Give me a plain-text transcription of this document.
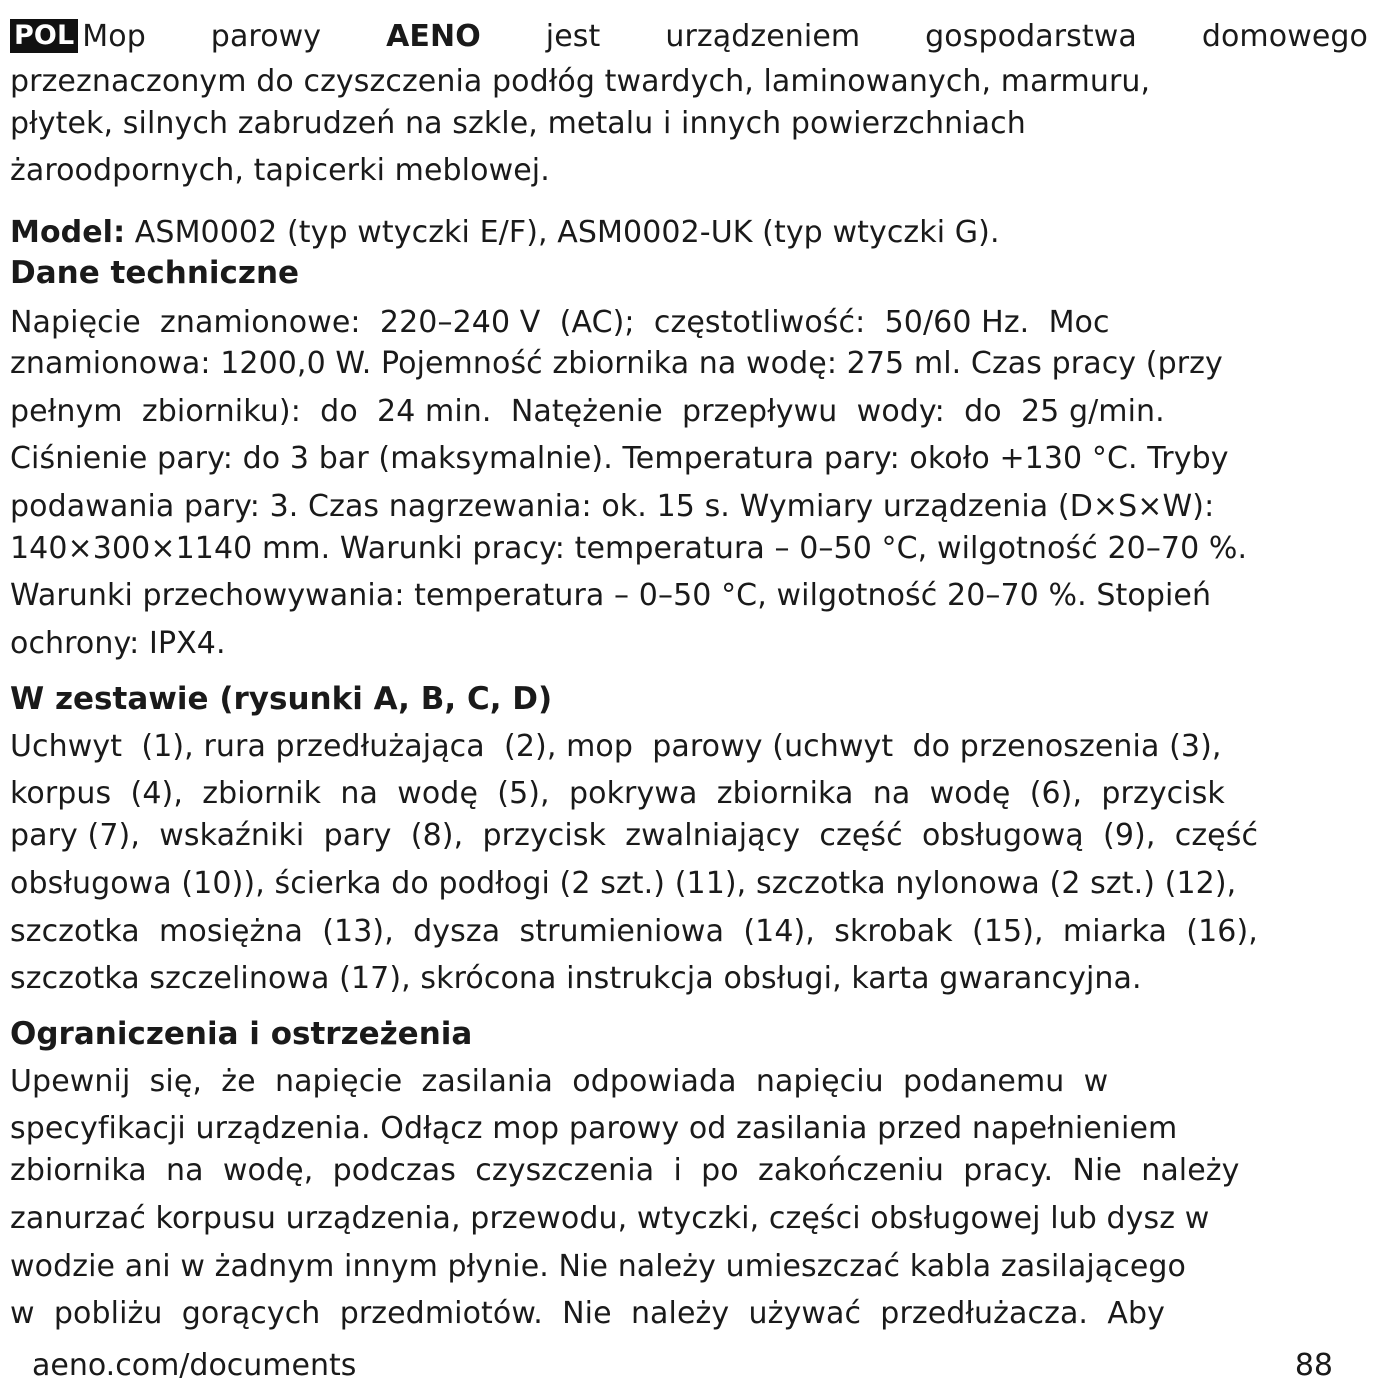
POL Mop parowy AENO jest urządzeniem gospodarstwa domowego
przeznaczonym do czyszczenia podłóg twardych, laminowanych, marmuru,
płytek, silnych zabrudzeń na szkle, metalu i innych powierzchniach
żaroodpornych, tapicerki meblowej.
Model: ASM0002 (typ wtyczki E/F), ASM0002-UK (typ wtyczki G).
Dane techniczne
Napięcie  znamionowe:  220–240 V  (AC);  częstotliwość:  50/60 Hz.  Moc
znamionowa: 1200,0 W. Pojemność zbiornika na wodę: 275 ml. Czas pracy (przy
pełnym  zbiorniku):  do  24 min.  Natężenie  przepływu  wody:  do  25 g/min.
Ciśnienie pary: do 3 bar (maksymalnie). Temperatura pary: około +130 °C. Tryby
podawania pary: 3. Czas nagrzewania: ok. 15 s. Wymiary urządzenia (D×S×W):
140×300×1140 mm. Warunki pracy: temperatura – 0–50 °C, wilgotność 20–70 %.
Warunki przechowywania: temperatura – 0–50 °C, wilgotność 20–70 %. Stopień
ochrony: IPX4.
W zestawie (rysunki A, B, C, D)
Uchwyt  (1), rura przedłużająca  (2), mop  parowy (uchwyt  do przenoszenia (3),
korpus  (4),  zbiornik  na  wodę  (5),  pokrywa  zbiornika  na  wodę  (6),  przycisk
pary (7),  wskaźniki  pary  (8),  przycisk  zwalniający  część  obsługową  (9),  część
obsługowa (10)), ścierka do podłogi (2 szt.) (11), szczotka nylonowa (2 szt.) (12),
szczotka  mosiężna  (13),  dysza  strumieniowa  (14),  skrobak  (15),  miarka  (16),
szczotka szczelinowa (17), skrócona instrukcja obsługi, karta gwarancyjna.
Ograniczenia i ostrzeżenia
Upewnij  się,  że  napięcie  zasilania  odpowiada  napięciu  podanemu  w
specyfikacji urządzenia. Odłącz mop parowy od zasilania przed napełnieniem
zbiornika  na  wodę,  podczas  czyszczenia  i  po  zakończeniu  pracy.  Nie  należy
zanurzać korpusu urządzenia, przewodu, wtyczki, części obsługowej lub dysz w
wodzie ani w żadnym innym płynie. Nie należy umieszczać kabla zasilającego
w  pobliżu  gorących  przedmiotów.  Nie  należy  używać  przedłużacza.  Aby
aeno.com/documents	88
